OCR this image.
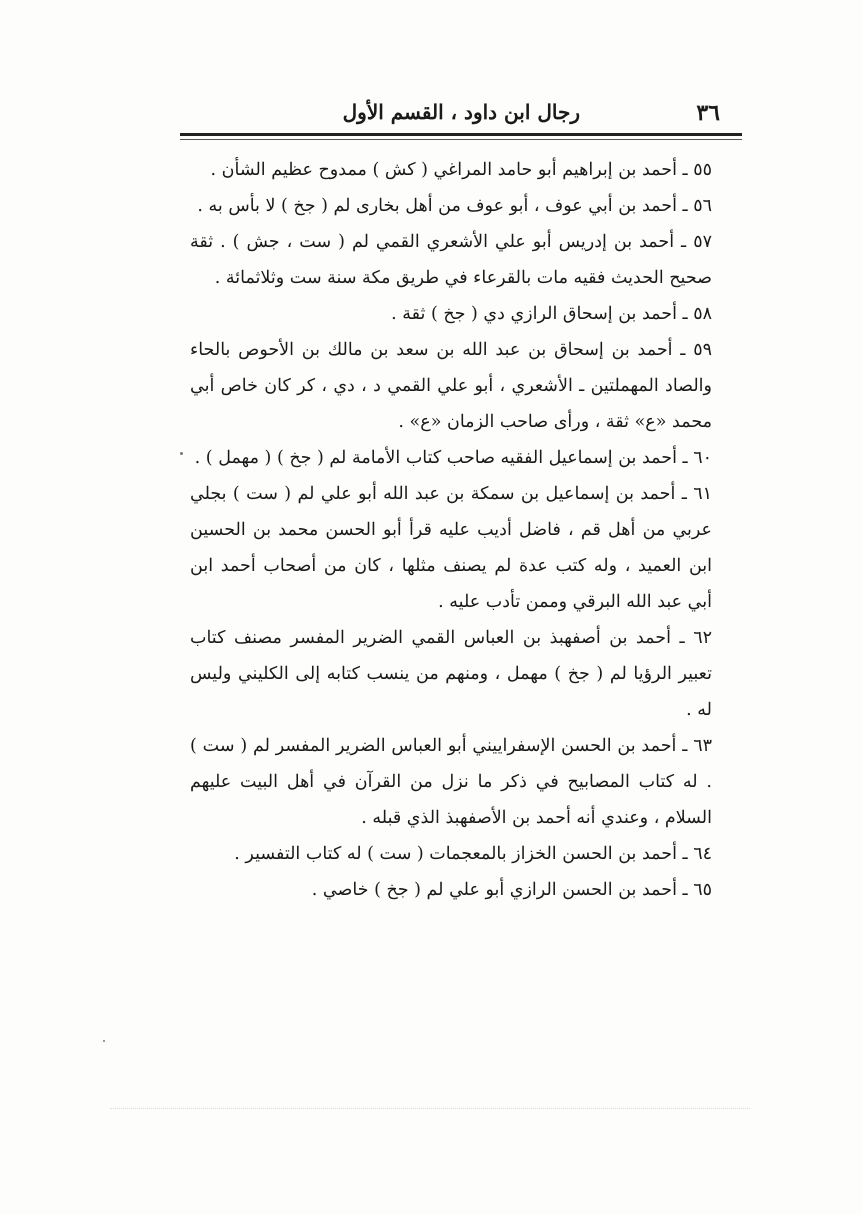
٣٦
رجال ابن داود ، القسم الأول

٥٥ ـ أحمد بن إبراهيم أبو حامد المراغي ( كش ) ممدوح عظيم الشأن .

٥٦ ـ أحمد بن أبي عوف ، أبو عوف من أهل بخارى لم ( جخ ) لا بأس به .

٥٧ ـ أحمد بن إدريس أبو علي الأشعري القمي لم ( ست ، جش ) . ثقة صحيح الحديث فقيه مات بالقرعاء في طريق مكة سنة ست وثلاثمائة .

٥٨ ـ أحمد بن إسحاق الرازي دي ( جخ ) ثقة .

٥٩ ـ أحمد بن إسحاق بن عبد الله بن سعد بن مالك بن الأحوص بالحاء والصاد المهملتين ـ الأشعري ، أبو علي القمي د ، دي ، كر كان خاص أبي محمد «ع» ثقة ، ورأى صاحب الزمان «ع» .

٦٠ ـ أحمد بن إسماعيل الفقيه صاحب كتاب الأمامة لم ( جخ ) ( مهمل ) .

٦١ ـ أحمد بن إسماعيل بن سمكة بن عبد الله أبو علي لم ( ست ) بجلي عربي من أهل قم ، فاضل أديب عليه قرأ أبو الحسن محمد بن الحسين ابن العميد ، وله كتب عدة لم يصنف مثلها ، كان من أصحاب أحمد ابن أبي عبد الله البرقي وممن تأدب عليه .

٦٢ ـ أحمد بن أصفهبذ بن العباس القمي الضرير المفسر مصنف كتاب تعبير الرؤيا لم ( جخ ) مهمل ، ومنهم من ينسب كتابه إلى الكليني وليس له .

٦٣ ـ أحمد بن الحسن الإسفراييني أبو العباس الضرير المفسر لم ( ست ) . له كتاب المصابيح في ذكر ما نزل من القرآن في أهل البيت عليهم السلام ، وعندي أنه أحمد بن الأصفهبذ الذي قبله .

٦٤ ـ أحمد بن الحسن الخزاز بالمعجمات ( ست ) له كتاب التفسير .

٦٥ ـ أحمد بن الحسن الرازي أبو علي لم ( جخ ) خاصي .
